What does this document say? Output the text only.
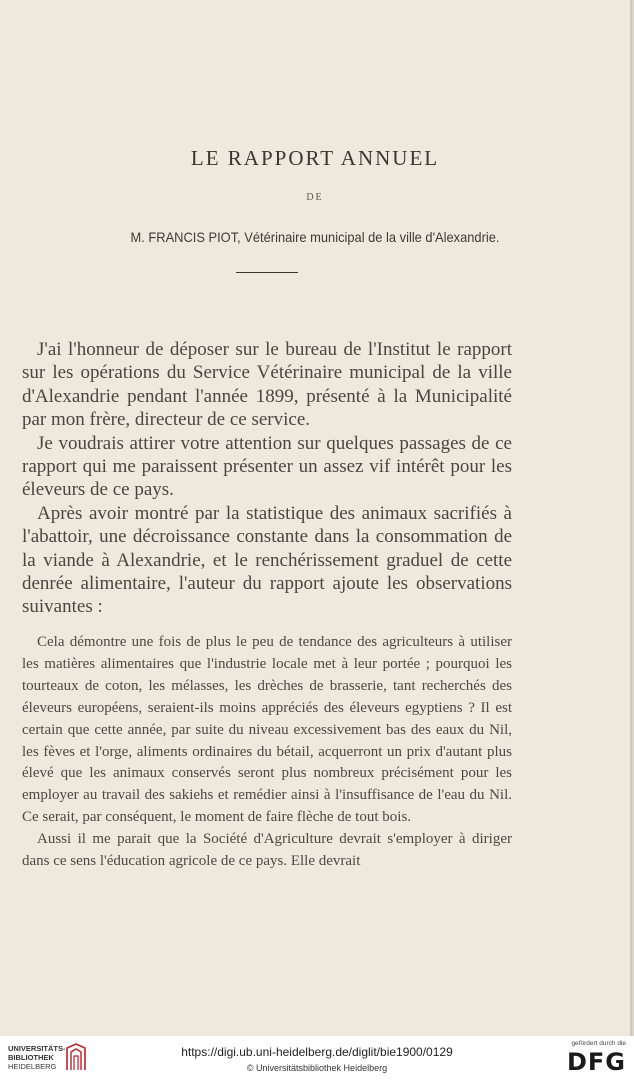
LE RAPPORT ANNUEL
DE
M. FRANCIS PIOT, Vétérinaire municipal de la ville d'Alexandrie.

J'ai l'honneur de déposer sur le bureau de l'Institut le rapport sur les opérations du Service Vétérinaire municipal de la ville d'Alexandrie pendant l'année 1899, présenté à la Municipalité par mon frère, directeur de ce service.

Je voudrais attirer votre attention sur quelques passages de ce rapport qui me paraissent présenter un assez vif intérêt pour les éleveurs de ce pays.

Après avoir montré par la statistique des animaux sacrifiés à l'abattoir, une décroissance constante dans la consommation de la viande à Alexandrie, et le renchérissement graduel de cette denrée alimentaire, l'auteur du rapport ajoute les observations suivantes :

Cela démontre une fois de plus le peu de tendance des agriculteurs à utiliser les matières alimentaires que l'industrie locale met à leur portée ; pourquoi les tourteaux de coton, les mélasses, les drèches de brasserie, tant recherchés des éleveurs européens, seraient-ils moins appréciés des éleveurs egyptiens ? Il est certain que cette année, par suite du niveau excessivement bas des eaux du Nil, les fèves et l'orge, aliments ordinaires du bétail, acquerront un prix d'autant plus élevé que les animaux conservés seront plus nombreux précisément pour les employer au travail des sakiehs et remédier ainsi à l'insuffisance de l'eau du Nil. Ce serait, par conséquent, le moment de faire flèche de tout bois.

Aussi il me parait que la Société d'Agriculture devrait s'employer à diriger dans ce sens l'éducation agricole de ce pays. Elle devrait

UNIVERSITÄTS-
BIBLIOTHEK
HEIDELBERG
https://digi.ub.uni-heidelberg.de/diglit/bie1900/0129
© Universitätsbibliothek Heidelberg
gefördert durch die
DFG
